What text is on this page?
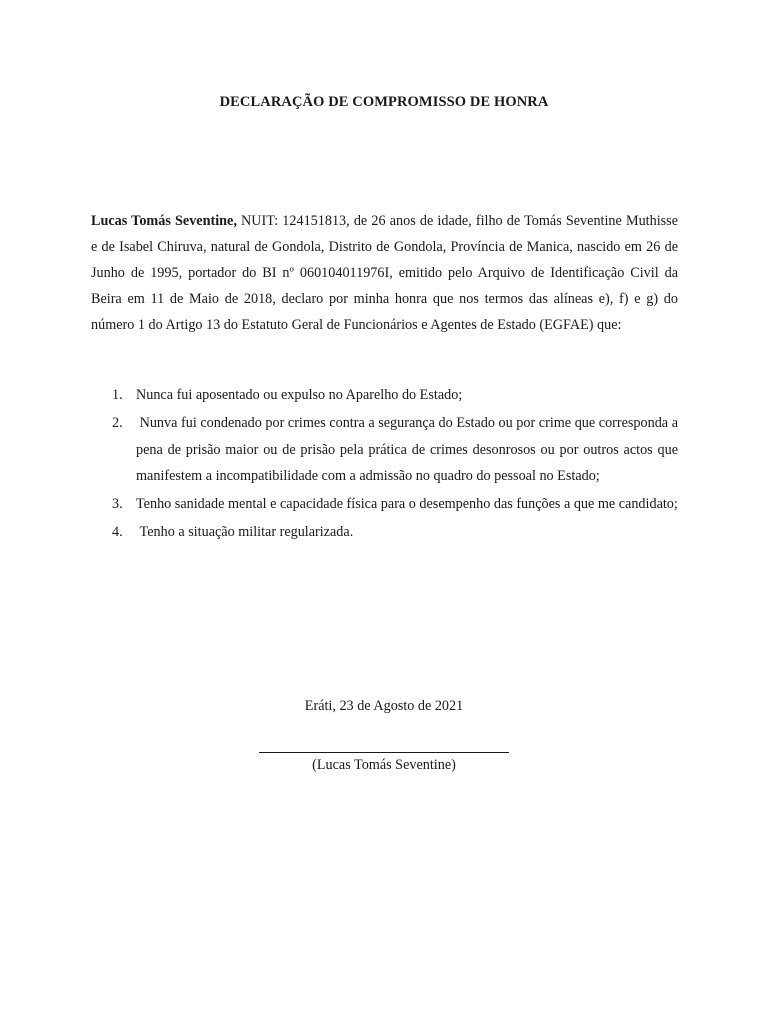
DECLARAÇÃO DE COMPROMISSO DE HONRA

Lucas Tomás Seventine, NUIT: 124151813, de 26 anos de idade, filho de Tomás Seventine Muthisse e de Isabel Chiruva, natural de Gondola, Distrito de Gondola, Província de Manica, nascido em 26 de Junho de 1995, portador do BI nº 060104011976I, emitido pelo Arquivo de Identificação Civil da Beira em 11 de Maio de 2018, declaro por minha honra que nos termos das alíneas e), f) e g) do número 1 do Artigo 13 do Estatuto Geral de Funcionários e Agentes de Estado (EGFAE) que:

1. Nunca fui aposentado ou expulso no Aparelho do Estado;
2. Nunva fui condenado por crimes contra a segurança do Estado ou por crime que corresponda a pena de prisão maior ou de prisão pela prática de crimes desonrosos ou por outros actos que manifestem a incompatibilidade com a admissão no quadro do pessoal no Estado;
3. Tenho sanidade mental e capacidade física para o desempenho das funções a que me candidato;
4. Tenho a situação militar regularizada.
Eráti, 23 de Agosto de 2021
(Lucas Tomás Seventine)
